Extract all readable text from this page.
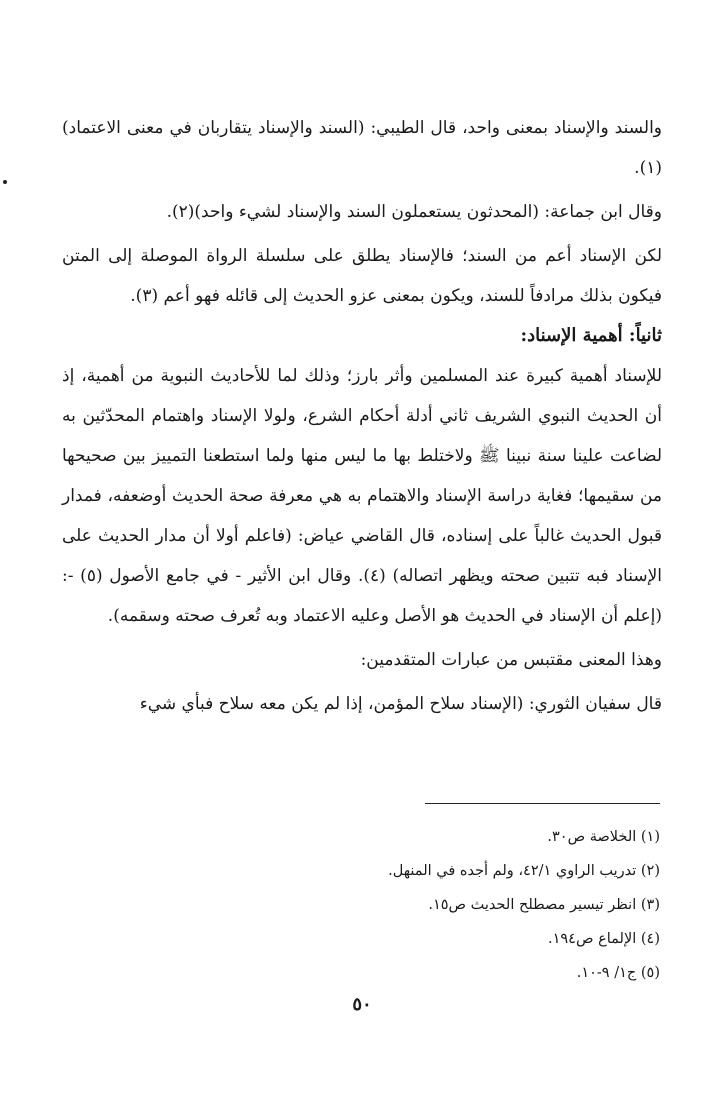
والسند والإسناد بمعنى واحد، قال الطيبي: (السند والإسناد يتقاربان في معنى الاعتماد) (١).

وقال ابن جماعة: (المحدثون يستعملون السند والإسناد لشيء واحد)(٢).

لكن الإسناد أعم من السند؛ فالإسناد يطلق على سلسلة الرواة الموصلة إلى المتن فيكون بذلك مرادفاً للسند، ويكون بمعنى عزو الحديث إلى قائله فهو أعم (٣).

ثانياً: أهمية الإسناد:

للإسناد أهمية كبيرة عند المسلمين وأثر بارز؛ وذلك لما للأحاديث النبوية من أهمية، إذ أن الحديث النبوي الشريف ثاني أدلة أحكام الشرع، ولولا الإسناد واهتمام المحدّثين به لضاعت علينا سنة نبينا ﷺ ولاختلط بها ما ليس منها ولما استطعنا التمييز بين صحيحها من سقيمها؛ فغاية دراسة الإسناد والاهتمام به هي معرفة صحة الحديث أوضعفه، فمدار قبول الحديث غالباً على إسناده، قال القاضي عياض: (فاعلم أولا أن مدار الحديث على الإسناد فبه تتبين صحته ويظهر اتصاله) (٤). وقال ابن الأثير - في جامع الأصول (٥) -: (إعلم أن الإسناد في الحديث هو الأصل وعليه الاعتماد وبه تُعرف صحته وسقمه).

وهذا المعنى مقتبس من عبارات المتقدمين:

قال سفيان الثوري: (الإسناد سلاح المؤمن، إذا لم يكن معه سلاح فبأي شيء

(١) الخلاصة ص٣٠.

(٢) تدريب الراوي ٤٢/١، ولم أجده في المنهل.

(٣) انظر تيسير مصطلح الحديث ص١٥.

(٤) الإلماع ص١٩٤.

(٥) ج١/ ٩-١٠.

٥٠
